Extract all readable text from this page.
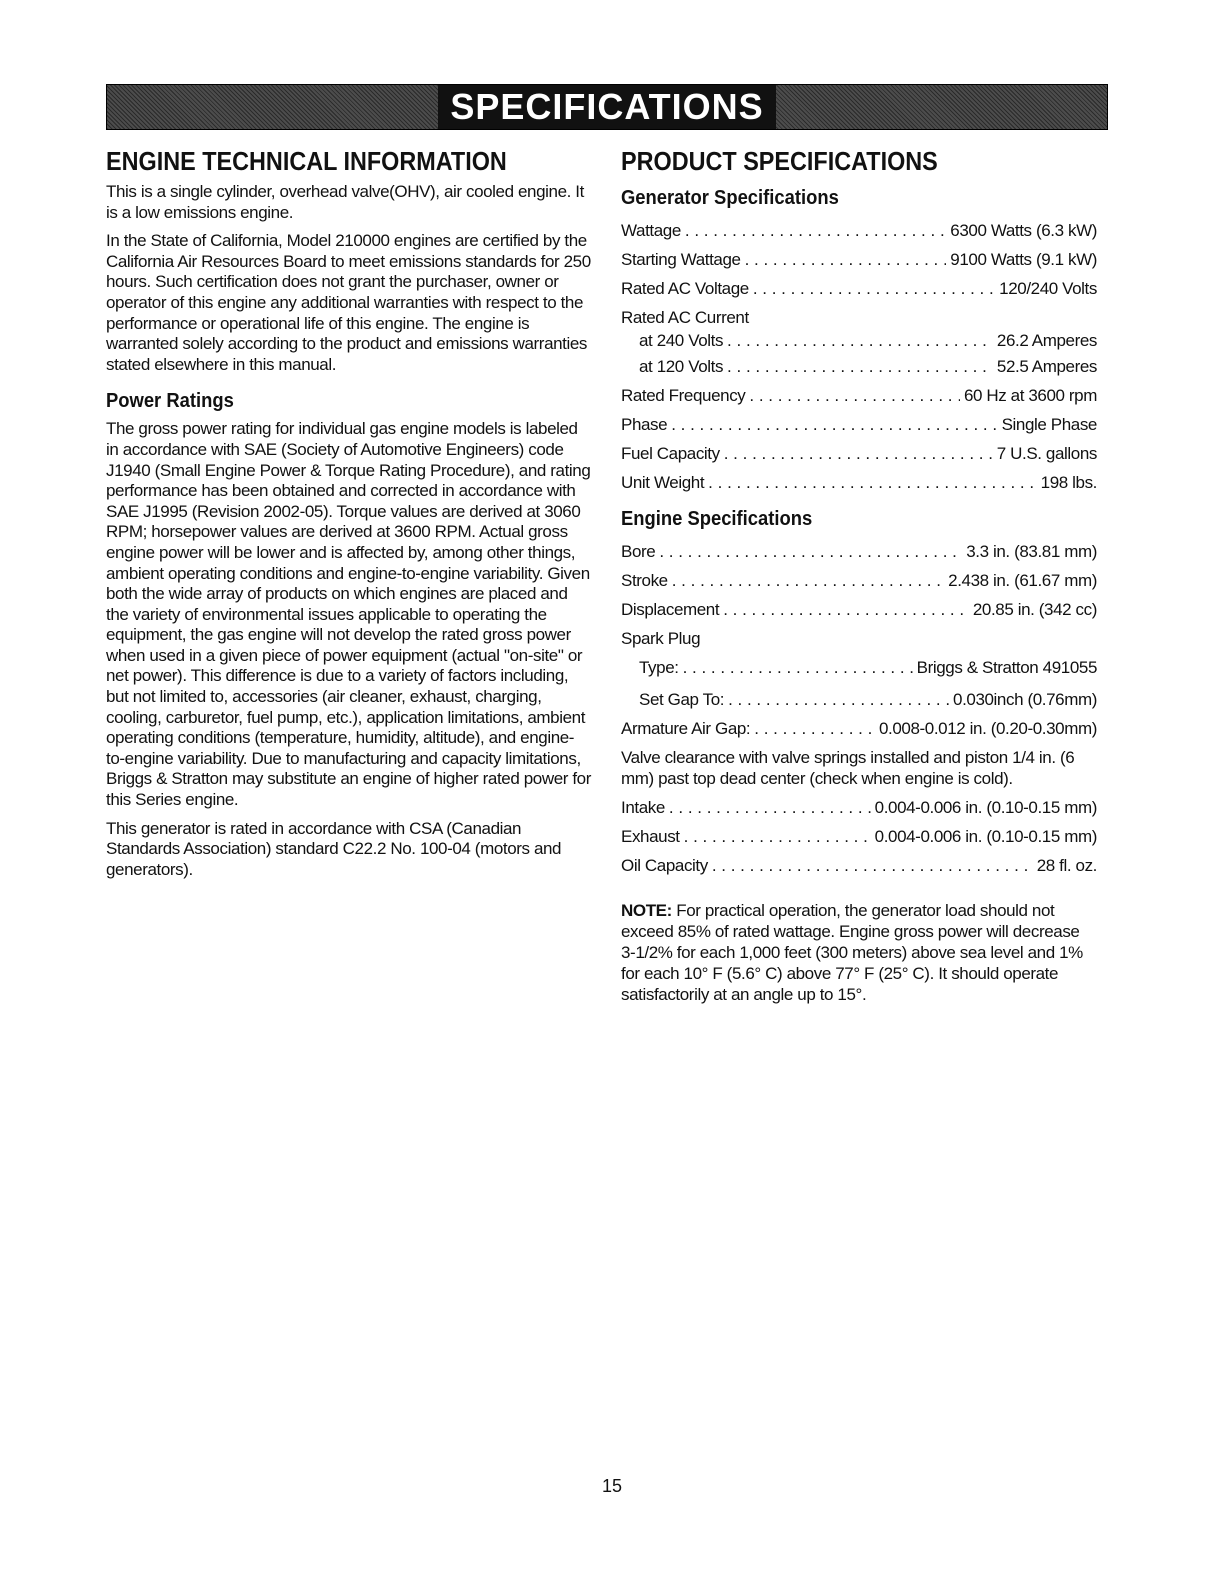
SPECIFICATIONS
ENGINE TECHNICAL INFORMATION

This is a single cylinder, overhead valve(OHV), air cooled engine. It is a low emissions engine.

In the State of California, Model 210000 engines are certified by the California Air Resources Board to meet emissions standards for 250 hours. Such certification does not grant the purchaser, owner or operator of this engine any additional warranties with respect to the performance or operational life of this engine. The engine is warranted solely according to the product and emissions warranties stated elsewhere in this manual.

Power Ratings

The gross power rating for individual gas engine models is labeled in accordance with SAE (Society of Automotive Engineers) code J1940 (Small Engine Power & Torque Rating Procedure), and rating performance has been obtained and corrected in accordance with SAE J1995 (Revision 2002-05). Torque values are derived at 3060 RPM; horsepower values are derived at 3600 RPM. Actual gross engine power will be lower and is affected by, among other things, ambient operating conditions and engine-to-engine variability. Given both the wide array of products on which engines are placed and the variety of environmental issues applicable to operating the equipment, the gas engine will not develop the rated gross power when used in a given piece of power equipment (actual "on-site" or net power). This difference is due to a variety of factors including, but not limited to, accessories (air cleaner, exhaust, charging, cooling, carburetor, fuel pump, etc.), application limitations, ambient operating conditions (temperature, humidity, altitude), and engine-to-engine variability. Due to manufacturing and capacity limitations, Briggs & Stratton may substitute an engine of higher rated power for this Series engine.

This generator is rated in accordance with CSA (Canadian Standards Association) standard C22.2 No. 100-04 (motors and generators).

PRODUCT SPECIFICATIONS
Generator Specifications
Wattage . . .	6300 Watts (6.3 kW)
Starting Wattage . . .	9100 Watts (9.1 kW)
Rated AC Voltage . . .	120/240 Volts
Rated AC Current
at 240 Volts . . .	26.2 Amperes
at 120 Volts . . .	52.5 Amperes
Rated Frequency . . .	60 Hz at 3600 rpm
Phase . . .	Single Phase
Fuel Capacity . . .	7 U.S. gallons
Unit Weight . . .	198 lbs.
Engine Specifications
Bore . . .	3.3 in. (83.81 mm)
Stroke . . .	2.438 in. (61.67 mm)
Displacement . . .	20.85 in. (342 cc)
Spark Plug
Type: . . .	Briggs & Stratton 491055
Set Gap To: . . .	0.030inch (0.76mm)
Armature Air Gap: . . .	0.008-0.012 in. (0.20-0.30mm)
Valve clearance with valve springs installed and piston 1/4 in. (6 mm) past top dead center (check when engine is cold).
Intake . . .	0.004-0.006 in. (0.10-0.15 mm)
Exhaust . . .	0.004-0.006 in. (0.10-0.15 mm)
Oil Capacity . . .	28 fl. oz.
NOTE: For practical operation, the generator load should not exceed 85% of rated wattage. Engine gross power will decrease 3-1/2% for each 1,000 feet (300 meters) above sea level and 1% for each 10° F (5.6° C) above 77° F (25° C). It should operate satisfactorily at an angle up to 15°.
15
